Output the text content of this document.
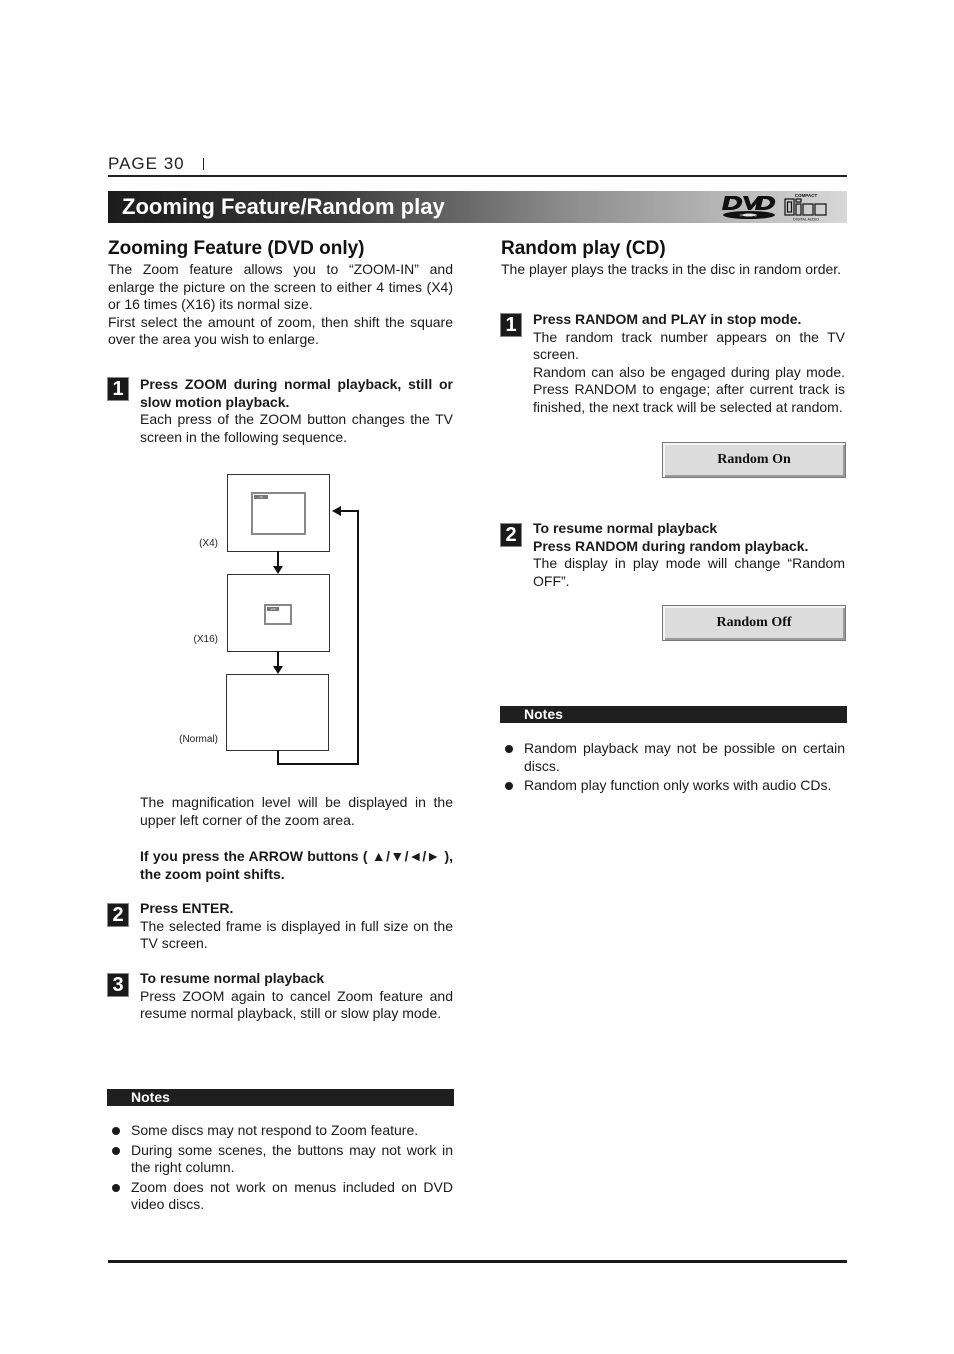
PAGE 30
Zooming Feature/Random play	VIDEO
COMPACT
DIGITAL AUDIO
Zooming Feature (DVD only)

The Zoom feature allows you to “ZOOM-IN” and enlarge the picture on the screen to either 4 times (X4) or 16 times (X16) its normal size.

First select the amount of zoom, then shift the square over the area you wish to enlarge.

1	Press ZOOM during normal playback, still or slow motion playback.

Each press of the ZOOM button changes the TV screen in the following sequence.

x4
(X4)
x16
(X16)
(Normal)

The magnification level will be displayed in the upper left corner of the zoom area.

If you press the ARROW buttons ( ▲/▼/◄/► ), the zoom point shifts.

2	Press ENTER.

The selected frame is displayed in full size on the TV screen.

3	To resume normal playback

Press ZOOM again to cancel Zoom feature and resume normal playback, still or slow play mode.

Notes
Some discs may not respond to Zoom feature.
During some scenes, the buttons may not work in the right column.
Zoom does not work on menus included on DVD video discs.
Random play (CD)

The player plays the tracks in the disc in random order.

1	Press RANDOM and PLAY in stop mode.

The random track number appears on the TV screen.

Random can also be engaged during play mode. Press RANDOM to engage; after current track is finished, the next track will be selected at random.

Random On
2	To resume normal playback

Press RANDOM during random playback.

The display in play mode will change “Random OFF”.

Random Off
Notes
Random playback may not be possible on certain discs.
Random play function only works with audio CDs.
